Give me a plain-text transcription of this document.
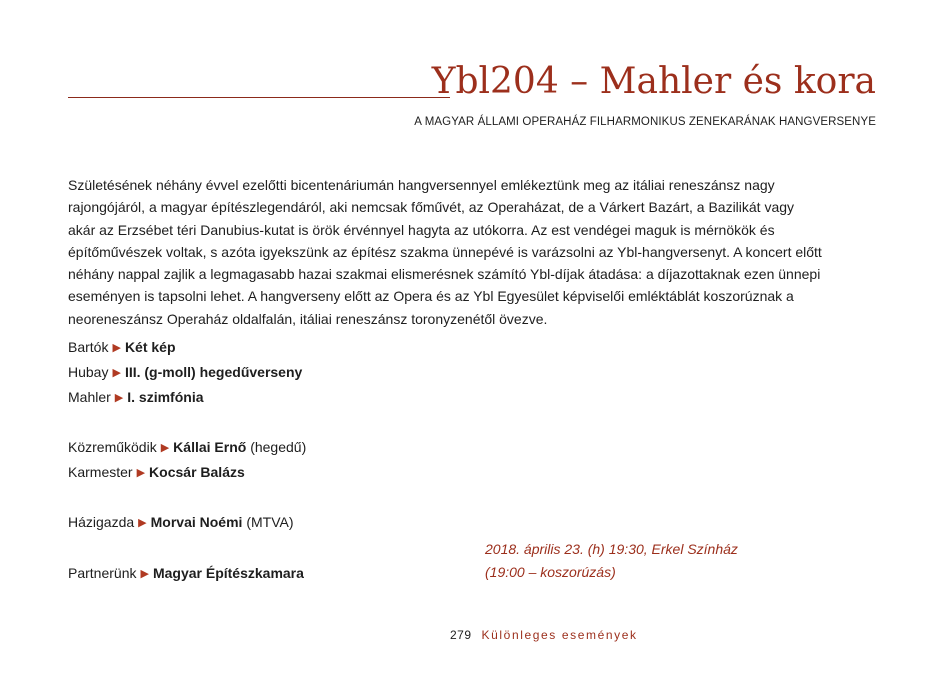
Ybl204 – Mahler és kora
A MAGYAR ÁLLAMI OPERAHÁZ FILHARMONIKUS ZENEKARÁNAK HANGVERSENYE
Születésének néhány évvel ezelőtti bicentenáriumán hangversennyel emlékeztünk meg az itáliai reneszánsz nagy
rajongójáról, a magyar építészlegendáról, aki nemcsak főművét, az Operaházat, de a Várkert Bazárt, a Bazilikát vagy
akár az Erzsébet téri Danubius-kutat is örök érvénnyel hagyta az utókorra. Az est vendégei maguk is mérnökök és
építőművészek voltak, s azóta igyekszünk az építész szakma ünnepévé is varázsolni az Ybl-hangversenyt. A koncert előtt
néhány nappal zajlik a legmagasabb hazai szakmai elismerésnek számító Ybl-díjak átadása: a díjazottaknak ezen ünnepi
eseményen is tapsolni lehet. A hangverseny előtt az Opera és az Ybl Egyesület képviselői emléktáblát koszorúznak a
neoreneszánsz Operaház oldalfalán, itáliai reneszánsz toronyzenétől övezve.
Bartók ▶ Két kép
Hubay ▶ III. (g-moll) hegedűverseny
Mahler ▶ I. szimfónia
Közreműködik ▶ Kállai Ernő (hegedű)
Karmester ▶ Kocsár Balázs
Házigazda ▶ Morvai Noémi (MTVA)
Partnerünk ▶ Magyar Építészkamara
2018. április 23. (h) 19:30, Erkel Színház
(19:00 – koszorúzás)
279 Különleges események
